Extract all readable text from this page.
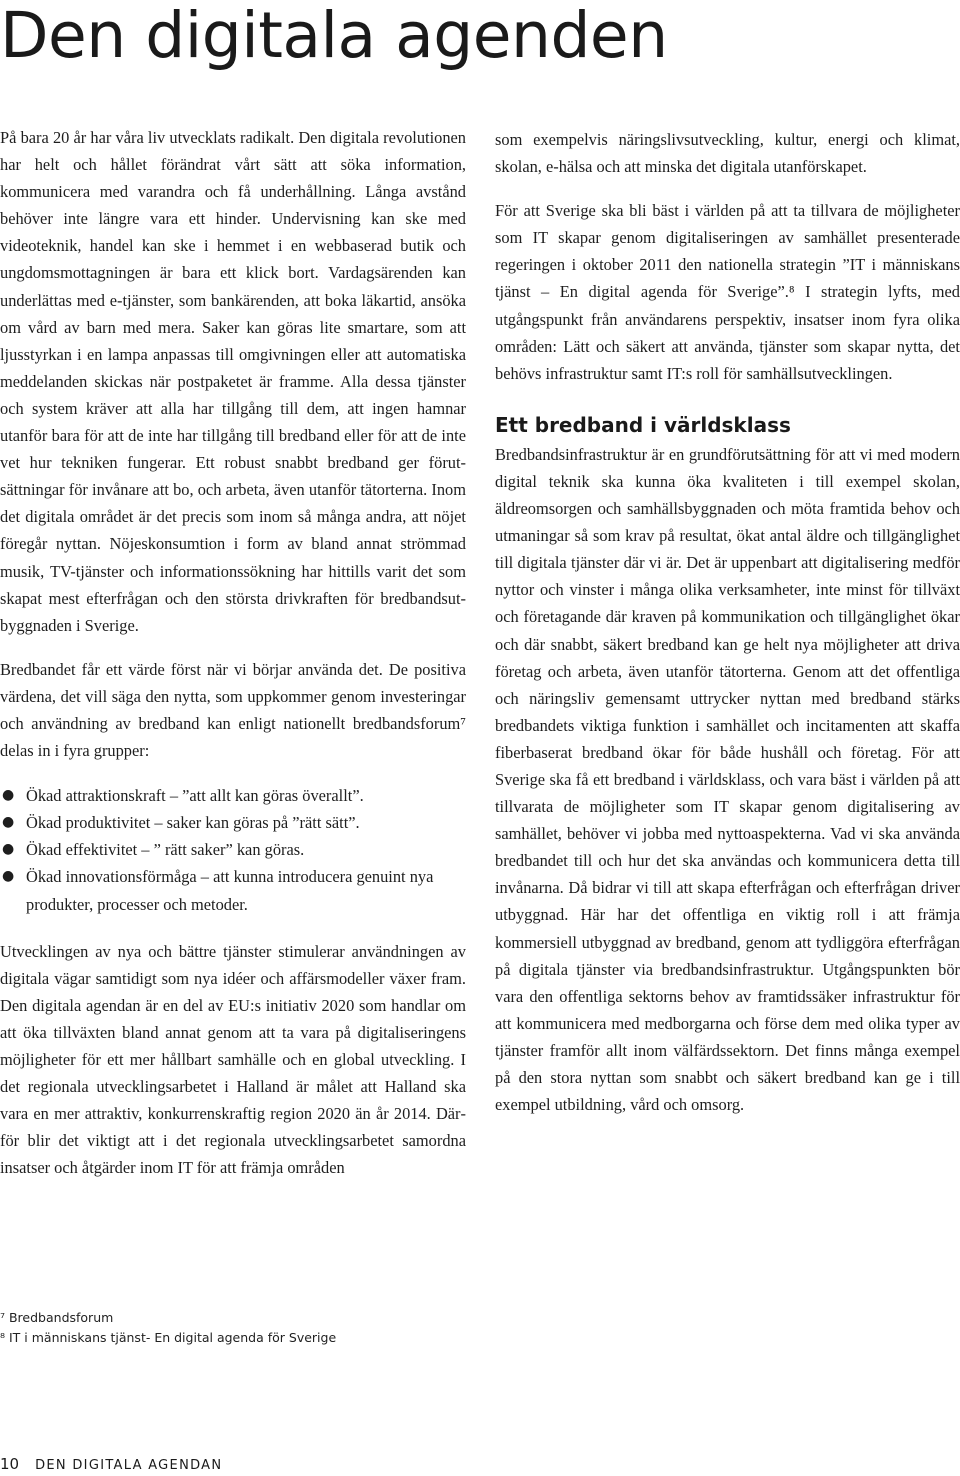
Den digitala agenden

På bara 20 år har våra liv utvecklats radikalt. Den digitala revolutionen har helt och hållet förändrat vårt sätt att söka information, kommunicera med varandra och få underhållning. Långa avstånd behöver inte längre vara ett hinder. Undervisning kan ske med videoteknik, handel kan ske i hemmet i en webbaserad butik och ungdomsmottagningen är bara ett klick bort. Vardagsärenden kan underlättas med e-tjänster, som bankärenden, att boka läkartid, ansöka om vård av barn med mera. Saker kan göras lite smartare, som att ljusstyrkan i en lampa anpassas till omgivningen eller att automatiska meddelanden skickas när postpaketet är framme. Alla dessa tjänster och system kräver att alla har tillgång till dem, att ingen hamnar utanför bara för att de inte har tillgång till bredband eller för att de inte vet hur tekniken fungerar. Ett robust snabbt bredband ger förutsättningar för invånare att bo, och arbeta, även utanför tätorterna. Inom det digitala området är det precis som inom så många andra, att nöjet föregår nyttan. Nöjeskonsumtion i form av bland annat strömmad musik, TV-tjänster och informationssökning har hittills varit det som skapat mest efterfrågan och den största drivkraften för bredbandsutbyggnaden i Sverige.

Bredbandet får ett värde först när vi börjar använda det. De positiva värdena, det vill säga den nytta, som uppkommer genom investeringar och användning av bredband kan enligt nationellt bredbandsforum⁷ delas in i fyra grupper:

● Ökad attraktionskraft – ”att allt kan göras överallt”.
● Ökad produktivitet – saker kan göras på ”rätt sätt”.
● Ökad effektivitet – ” rätt saker” kan göras.
● Ökad innovationsförmåga – att kunna introducera genuint nya produkter, processer och metoder.

Utvecklingen av nya och bättre tjänster stimulerar användningen av digitala vägar samtidigt som nya idéer och affärsmodeller växer fram. Den digitala agendan är en del av EU:s initiativ 2020 som handlar om att öka tillväxten bland annat genom att ta vara på digitaliseringens möjligheter för ett mer hållbart samhälle och en global utveckling. I det regionala utvecklingsarbetet i Halland är målet att Halland ska vara en mer attraktiv, konkurrenskraftig region 2020 än år 2014. Därför blir det viktigt att i det regionala utvecklingsarbetet samordna insatser och åtgärder inom IT för att främja områden

som exempelvis näringslivsutveckling, kultur, energi och klimat, skolan, e-hälsa och att minska det digitala utanförskapet.

För att Sverige ska bli bäst i världen på att ta tillvara de möjligheter som IT skapar genom digitaliseringen av samhället presenterade regeringen i oktober 2011 den nationella strategin ”IT i människans tjänst – En digital agenda för Sverige”.⁸ I strategin lyfts, med utgångspunkt från användarens perspektiv, insatser inom fyra olika områden: Lätt och säkert att använda, tjänster som skapar nytta, det behövs infrastruktur samt IT:s roll för samhällsutvecklingen.

Ett bredband i världsklass

Bredbandsinfrastruktur är en grundförutsättning för att vi med modern digital teknik ska kunna öka kvaliteten i till exempel skolan, äldreomsorgen och samhällsbyggnaden och möta framtida behov och utmaningar så som krav på resultat, ökat antal äldre och tillgänglighet till digitala tjänster där vi är. Det är uppenbart att digitalisering medför nyttor och vinster i många olika verksamheter, inte minst för tillväxt och företagande där kraven på kommunikation och tillgänglighet ökar och där snabbt, säkert bredband kan ge helt nya möjligheter att driva företag och arbeta, även utanför tätorterna. Genom att det offentliga och näringsliv gemensamt uttrycker nyttan med bredband stärks bredbandets viktiga funktion i samhället och incitamenten att skaffa fiberbaserat bredband ökar för både hushåll och företag. För att Sverige ska få ett bredband i världsklass, och vara bäst i världen på att tillvarata de möjligheter som IT skapar genom digitalisering av samhället, behöver vi jobba med nyttoaspekterna. Vad vi ska använda bredbandet till och hur det ska användas och kommunicera detta till invånarna. Då bidrar vi till att skapa efterfrågan och efterfrågan driver utbyggnad. Här har det offentliga en viktig roll i att främja kommersiell utbyggnad av bredband, genom att tydliggöra efterfrågan på digitala tjänster via bredbandsinfrastruktur. Utgångspunkten bör vara den offentliga sektorns behov av framtidssäker infrastruktur för att kommunicera med medborgarna och förse dem med olika typer av tjänster framför allt inom välfärdssektorn. Det finns många exempel på den stora nyttan som snabbt och säkert bredband kan ge i till exempel utbildning, vård och omsorg.

⁷ Bredbandsforum
⁸ IT i människans tjänst- En digital agenda för Sverige
10 DEN DIGITALA AGENDAN
